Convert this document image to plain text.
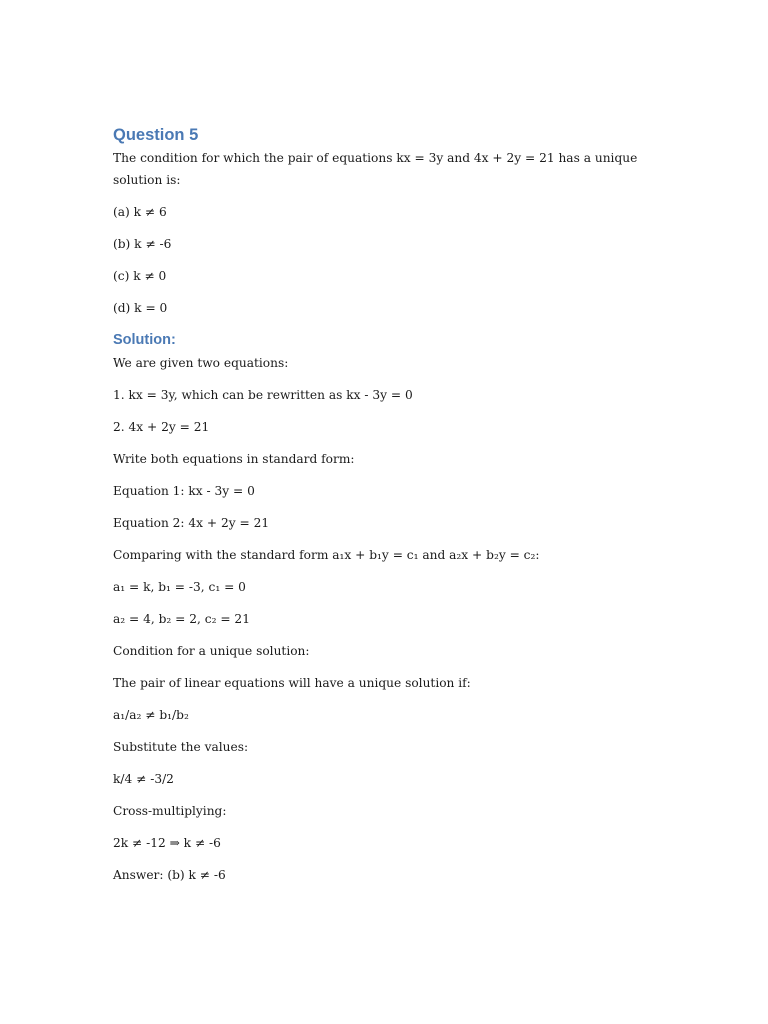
Question 5

The condition for which the pair of equations kx = 3y and 4x + 2y = 21 has a unique solution is:

(a) k ≠ 6

(b) k ≠ -6

(c) k ≠ 0

(d) k = 0

Solution:

We are given two equations:

1. kx = 3y, which can be rewritten as kx - 3y = 0

2. 4x + 2y = 21

Write both equations in standard form:

Equation 1: kx - 3y = 0

Equation 2: 4x + 2y = 21

Comparing with the standard form a₁x + b₁y = c₁ and a₂x + b₂y = c₂:

a₁ = k, b₁ = -3, c₁ = 0

a₂ = 4, b₂ = 2, c₂ = 21

Condition for a unique solution:

The pair of linear equations will have a unique solution if:

a₁/a₂ ≠ b₁/b₂

Substitute the values:

k/4 ≠ -3/2

Cross-multiplying:

2k ≠ -12 ⇒ k ≠ -6

Answer: (b) k ≠ -6
